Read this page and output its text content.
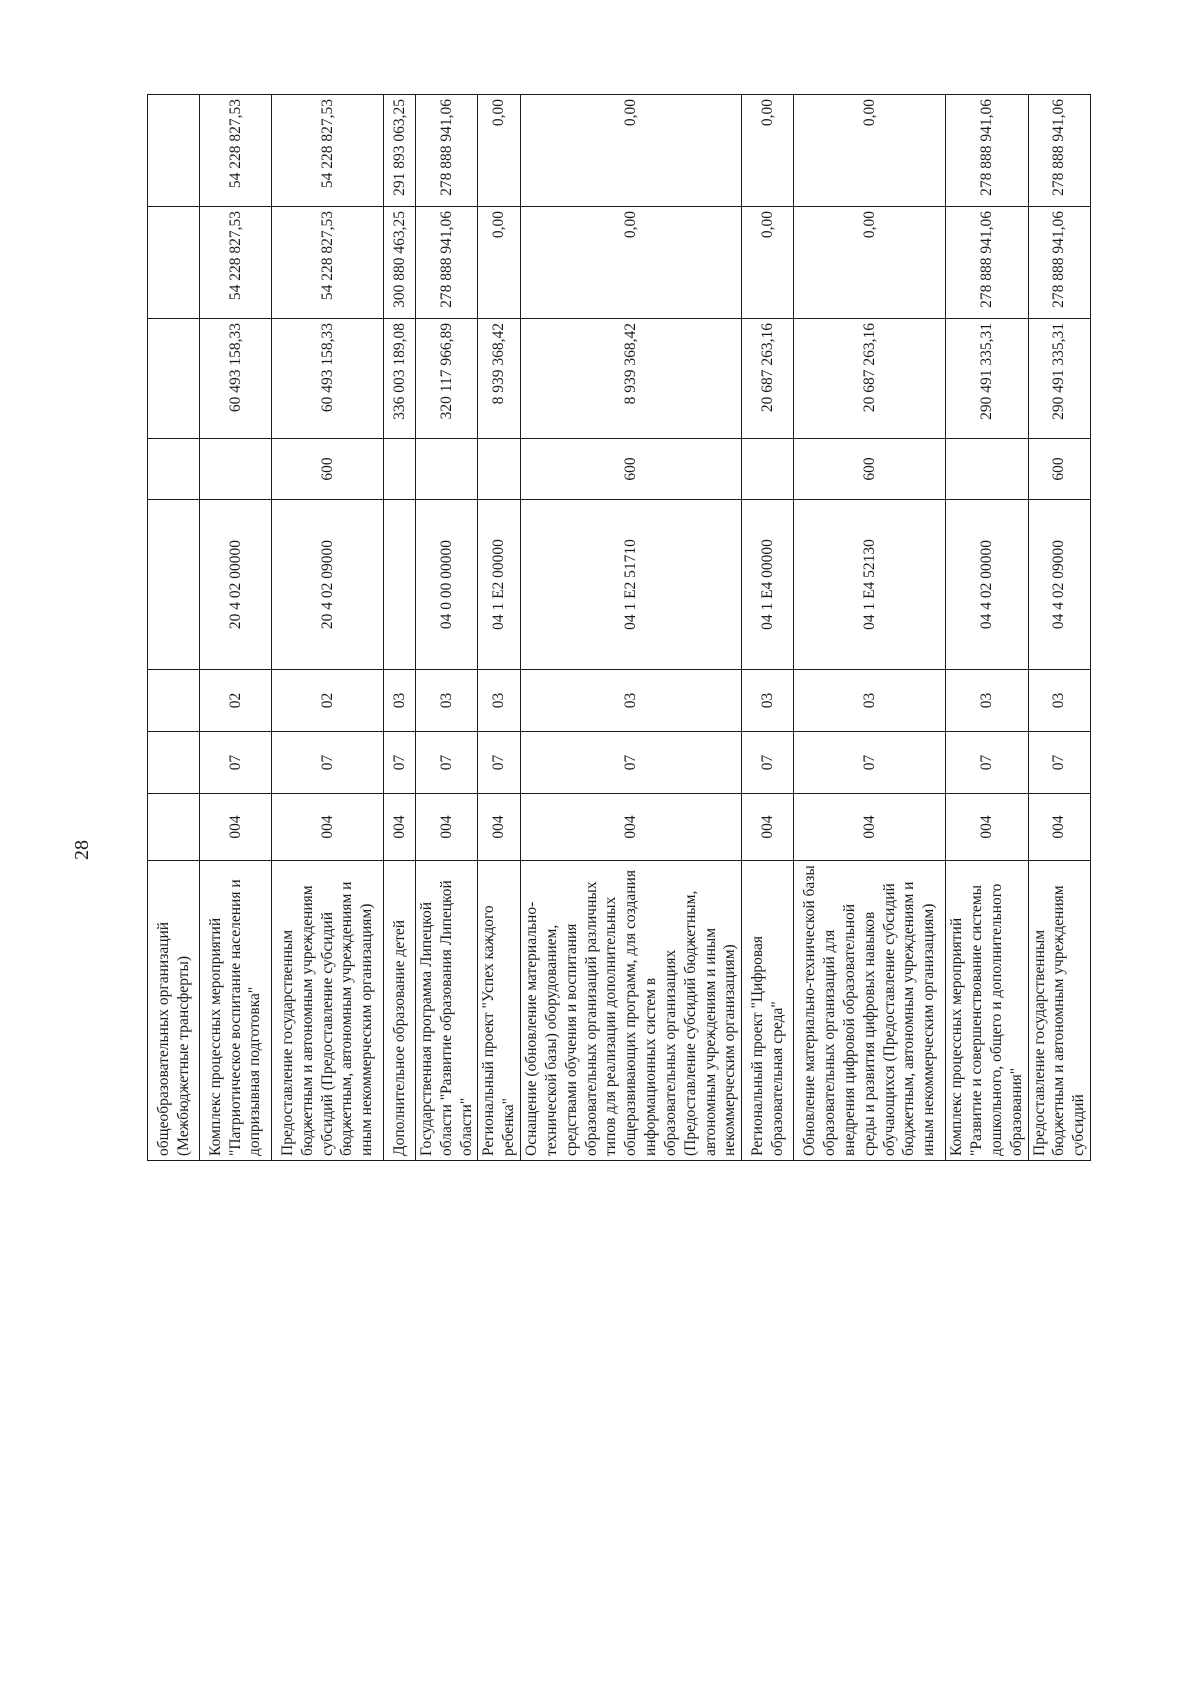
28
общеобразовательных организаций (Межбюджетные трансферты)								
Комплекс процессных мероприятий "Патриотическое воспитание населения и допризывная подготовка"	004	07	02	20 4 02 00000		60 493 158,33	54 228 827,53	54 228 827,53
Предоставление государственным бюджетным и автономным учреждениям субсидий (Предоставление субсидий бюджетным, автономным учреждениям и иным некоммерческим организациям)	004	07	02	20 4 02 09000	600	60 493 158,33	54 228 827,53	54 228 827,53
Дополнительное образование детей	004	07	03			336 003 189,08	300 880 463,25	291 893 063,25
Государственная программа Липецкой области "Развитие образования Липецкой области"	004	07	03	04 0 00 00000		320 117 966,89	278 888 941,06	278 888 941,06
Региональный проект "Успех каждого ребенка"	004	07	03	04 1 Е2 00000		8 939 368,42	0,00	0,00
Оснащение (обновление материально-технической базы) оборудованием, средствами обучения и воспитания образовательных организаций различных типов для реализации дополнительных общеразвивающих программ, для создания информационных систем в образовательных организациях (Предоставление субсидий бюджетным, автономным учреждениям и иным некоммерческим организациям)	004	07	03	04 1 Е2 51710	600	8 939 368,42	0,00	0,00
Региональный проект "Цифровая образовательная среда"	004	07	03	04 1 Е4 00000		20 687 263,16	0,00	0,00
Обновление материально-технической базы образовательных организаций для внедрения цифровой образовательной среды и развития цифровых навыков обучающихся (Предоставление субсидий бюджетным, автономным учреждениям и иным некоммерческим организациям)	004	07	03	04 1 Е4 52130	600	20 687 263,16	0,00	0,00
Комплекс процессных мероприятий "Развитие и совершенствование системы дошкольного, общего и дополнительного образования"	004	07	03	04 4 02 00000		290 491 335,31	278 888 941,06	278 888 941,06
Предоставление государственным бюджетным и автономным учреждениям субсидий	004	07	03	04 4 02 09000	600	290 491 335,31	278 888 941,06	278 888 941,06
